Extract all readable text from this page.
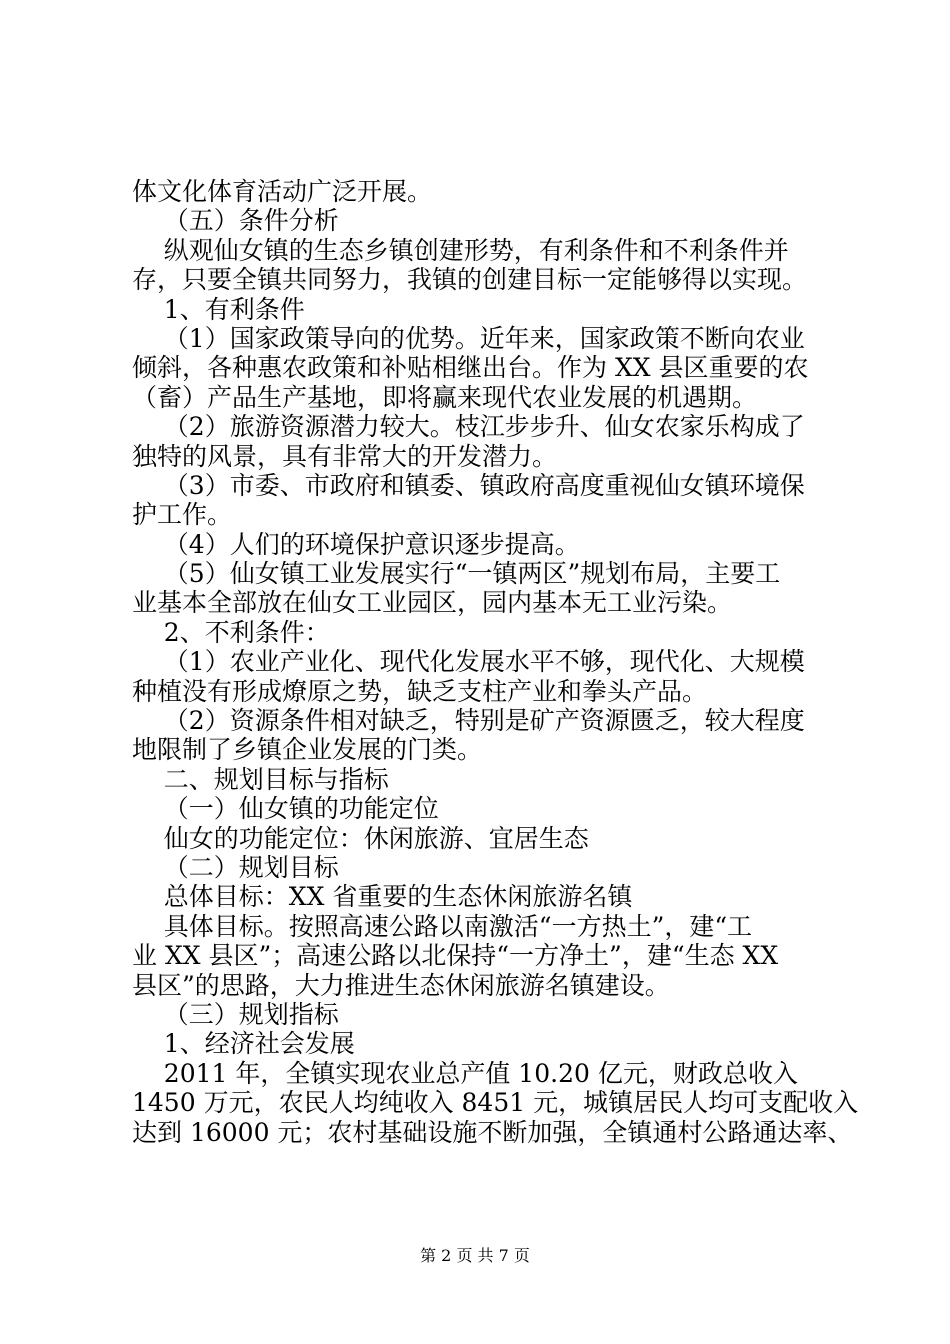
体文化体育活动广泛开展。
（五）条件分析
纵观仙女镇的生态乡镇创建形势，有利条件和不利条件并
存，只要全镇共同努力，我镇的创建目标一定能够得以实现。
1、有利条件
（1）国家政策导向的优势。近年来，国家政策不断向农业
倾斜，各种惠农政策和补贴相继出台。作为 XX 县区重要的农
（畜）产品生产基地，即将赢来现代农业发展的机遇期。
（2）旅游资源潜力较大。枝江步步升、仙女农家乐构成了
独特的风景，具有非常大的开发潜力。
（3）市委、市政府和镇委、镇政府高度重视仙女镇环境保
护工作。
（4）人们的环境保护意识逐步提高。
（5）仙女镇工业发展实行“一镇两区”规划布局，主要工
业基本全部放在仙女工业园区，园内基本无工业污染。
2、不利条件：
（1）农业产业化、现代化发展水平不够，现代化、大规模
种植没有形成燎原之势，缺乏支柱产业和拳头产品。
（2）资源条件相对缺乏，特别是矿产资源匮乏，较大程度
地限制了乡镇企业发展的门类。
二、规划目标与指标
（一）仙女镇的功能定位
仙女的功能定位：休闲旅游、宜居生态
（二）规划目标
总体目标：XX 省重要的生态休闲旅游名镇
具体目标。按照高速公路以南激活“一方热土”，建“工
业 XX 县区”；高速公路以北保持“一方净土”，建“生态 XX
县区”的思路，大力推进生态休闲旅游名镇建设。
（三）规划指标
1、经济社会发展
2011 年，全镇实现农业总产值 10.20 亿元，财政总收入
1450 万元，农民人均纯收入 8451 元，城镇居民人均可支配收入
达到 16000 元；农村基础设施不断加强，全镇通村公路通达率、
第 2 页 共 7 页
